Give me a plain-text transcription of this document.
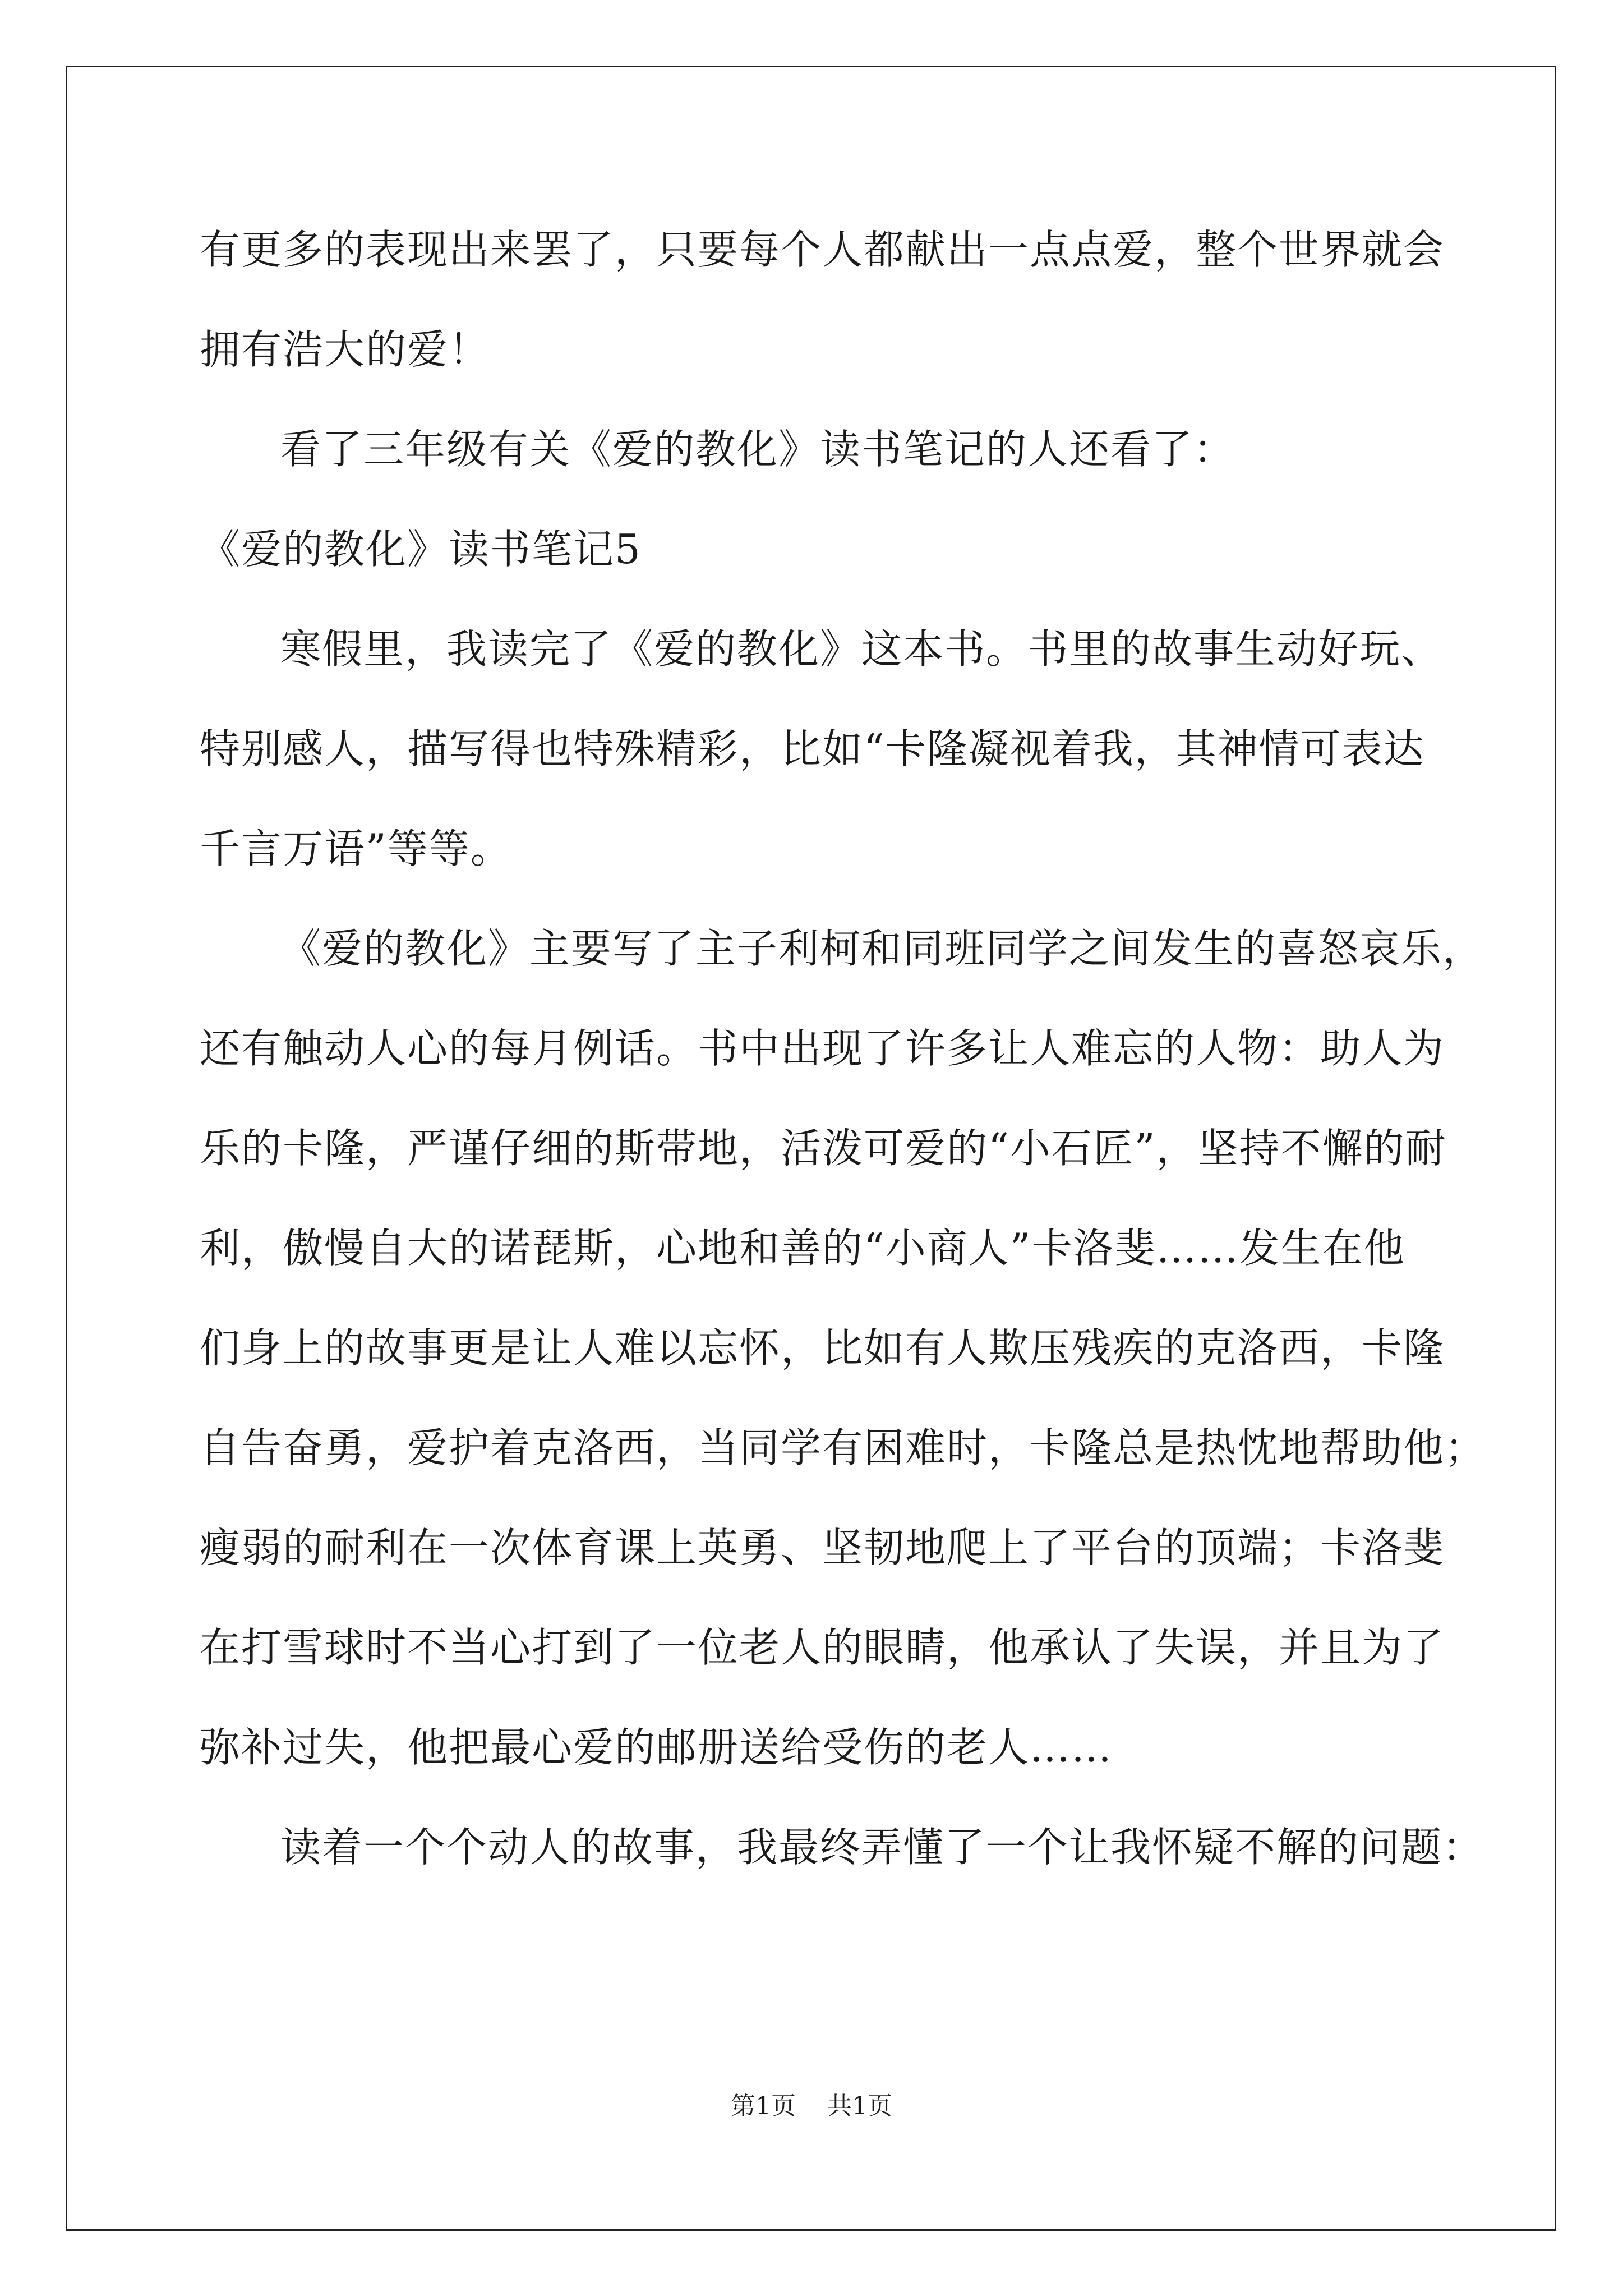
有更多的表现出来罢了，只要每个人都献出一点点爱，整个世界就会
拥有浩大的爱！
看了三年级有关《爱的教化》读书笔记的人还看了：
《爱的教化》读书笔记5
寒假里，我读完了《爱的教化》这本书。书里的故事生动好玩、
特别感人，描写得也特殊精彩，比如“卡隆凝视着我，其神情可表达
千言万语”等等。
《爱的教化》主要写了主子利柯和同班同学之间发生的喜怒哀乐，
还有触动人心的每月例话。书中出现了许多让人难忘的人物：助人为
乐的卡隆，严谨仔细的斯带地，活泼可爱的“小石匠”，坚持不懈的耐
利，傲慢自大的诺琵斯，心地和善的“小商人”卡洛斐……发生在他
们身上的故事更是让人难以忘怀，比如有人欺压残疾的克洛西，卡隆
自告奋勇，爱护着克洛西，当同学有困难时，卡隆总是热忱地帮助他；
瘦弱的耐利在一次体育课上英勇、坚韧地爬上了平台的顶端；卡洛斐
在打雪球时不当心打到了一位老人的眼睛，他承认了失误，并且为了
弥补过失，他把最心爱的邮册送给受伤的老人……
读着一个个动人的故事，我最终弄懂了一个让我怀疑不解的问题：
第1页 共1页
